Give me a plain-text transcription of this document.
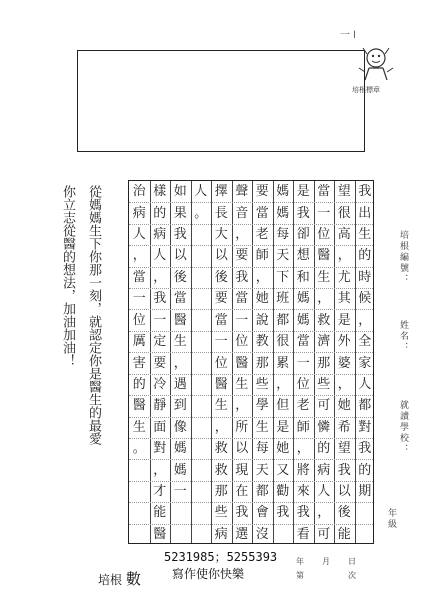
一 l
培根標章
培根編號：
姓名：
就讀學校：
年級
我
出
生
的
時
候
，
全
家
人
都
對
我
的
期
望
很
高
，
尤
其
是
外
婆
，
她
希
望
我
以
後
能
當
一
位
醫
生
，
救
濟
那
些
可
憐
的
病
人
，
可
是
我
卻
想
和
媽
媽
當
一
位
老
師
，
將
來
我
看
媽
媽
每
天
下
班
都
很
累
，
但
是
她
又
勸
我
要
當
老
師
，
她
說
教
那
些
學
生
每
天
都
會
沒
聲
音
，
要
我
當
一
位
醫
生
，
所
以
現
在
我
選
擇
長
大
以
後
要
當
一
位
醫
生
，
救
救
那
些
病
人
。
如
果
我
以
後
當
醫
生
，
遇
到
像
媽
媽
一
樣
的
病
人
，
我
一
定
要
冷
靜
面
對
，
才
能
醫
治
病
人
，
當
一
位
厲
害
的
醫
生
。
從媽媽生下你那一刻，就認定你是醫生的最愛
你立志從醫的想法，加油加油！
培根 數
5231985；5255393
寫作使你快樂
年 月 日
第	次
